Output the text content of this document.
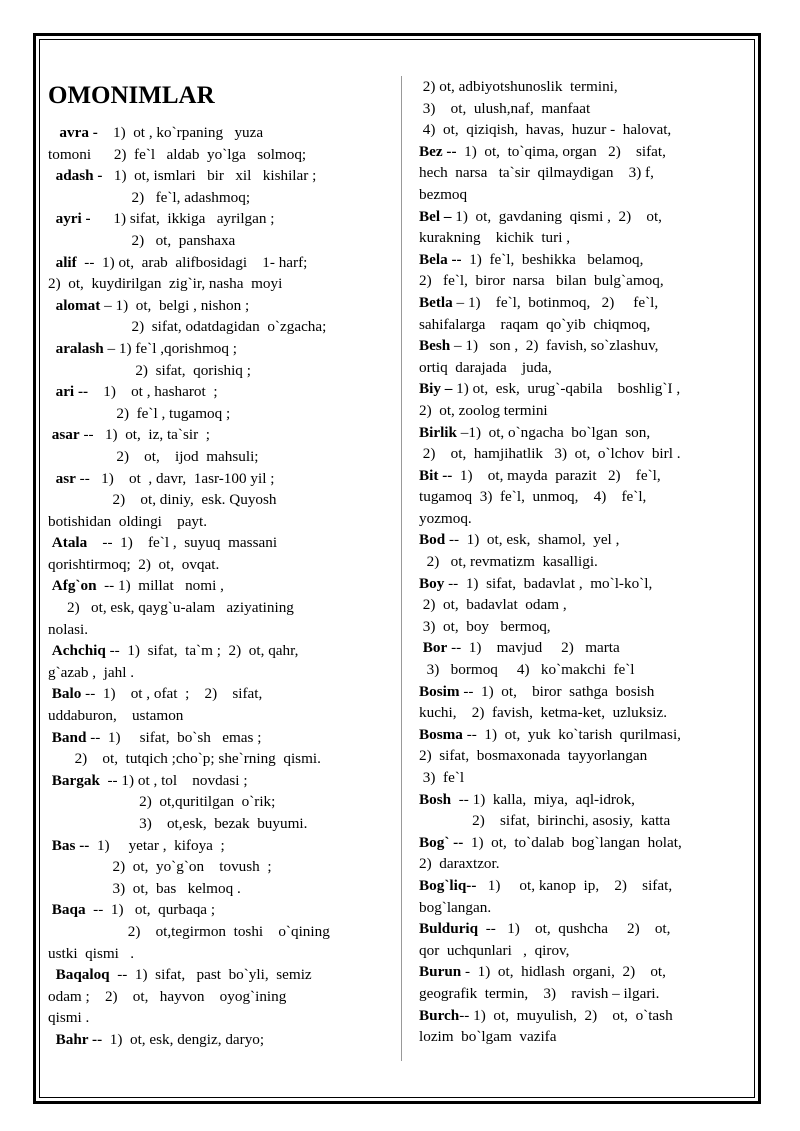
OMONIMLAR
avra -    1)  ot , ko`rpaning   yuza
tomoni      2)  fe`l   aldab  yo`lga   solmoq;
adash -   1)  ot, ismlari   bir   xil   kishilar ;
2)   fe`l, adashmoq;
ayri -      1) sifat,  ikkiga   ayrilgan ;
2)   ot,  panshaxa
alif  --  1) ot,  arab  alifbosidagi    1- harf;
2)  ot,  kuydirilgan  zig`ir, nasha  moyi
alomat – 1)  ot,  belgi , nishon ;
2)  sifat, odatdagidan  o`zgacha;
aralash – 1) fe`l ,qorishmoq ;
2)  sifat,  qorishiq ;
ari --    1)    ot , hasharot  ;
2)  fe`l , tugamoq ;
asar --   1)  ot,  iz, ta`sir  ;
2)    ot,    ijod  mahsuli;
asr --   1)    ot  , davr,  1asr-100 yil ;
2)    ot, diniy,  esk. Quyosh
botishidan  oldingi    payt.
Atala    --  1)    fe`l ,  suyuq  massani
qorishtirmoq;  2)  ot,  ovqat.
Afg`on  -- 1)  millat   nomi ,
2)   ot, esk, qayg`u-alam   aziyatining
nolasi.
Achchiq --  1)  sifat,  ta`m ;  2)  ot, qahr,
g`azab ,  jahl .
Balo --  1)    ot , ofat  ;    2)    sifat,
uddaburon,    ustamon
Band --  1)     sifat,  bo`sh   emas ;
2)    ot,  tutqich ;cho`p; she`rning  qismi.
Bargak  -- 1) ot , tol    novdasi ;
2)  ot,quritilgan  o`rik;
3)    ot,esk,  bezak  buyumi.
Bas --  1)     yetar ,  kifoya  ;
2)  ot,  yo`g`on    tovush  ;
3)  ot,  bas   kelmoq .
Baqa  --  1)   ot,  qurbaqa ;
2)    ot,tegirmon  toshi    o`qining
ustki  qismi   .
Baqaloq  --  1)  sifat,   past  bo`yli,  semiz
odam ;    2)    ot,   hayvon    oyog`ining
qismi .
Bahr --  1)  ot, esk, dengiz, daryo;
2) ot, adbiyotshunoslik  termini,
3)    ot,  ulush,naf,  manfaat
4)  ot,  qiziqish,  havas,  huzur -  halovat,
Bez --  1)  ot,  to`qima, organ   2)    sifat,
hech  narsa   ta`sir  qilmaydigan    3) f,
bezmoq
Bel – 1)  ot,  gavdaning  qismi ,  2)    ot,
kurakning    kichik  turi ,
Bela --  1)  fe`l,  beshikka   belamoq,
2)   fe`l,  biror  narsa   bilan  bulg`amoq,
Betla – 1)    fe`l,  botinmoq,   2)     fe`l,
sahifalarga    raqam  qo`yib  chiqmoq,
Besh – 1)   son ,  2)  favish, so`zlashuv,
ortiq  darajada    juda,
Biy – 1) ot,  esk,  urug`-qabila    boshlig`I ,
2)  ot, zoolog termini
Birlik –1)  ot, o`ngacha  bo`lgan  son,
2)    ot,  hamjihatlik   3)  ot,  o`lchov  birl .
Bit --  1)    ot, mayda  parazit   2)    fe`l,
tugamoq  3)  fe`l,  unmoq,    4)    fe`l,
yozmoq.
Bod --  1)  ot, esk,  shamol,  yel ,
2)   ot, revmatizm  kasalligi.
Boy --  1)  sifat,  badavlat ,  mo`l-ko`l,
2)  ot,  badavlat  odam ,
3)  ot,  boy   bermoq,
Bor --  1)    mavjud     2)   marta
3)   bormoq     4)   ko`makchi  fe`l
Bosim --  1)  ot,    biror  sathga  bosish
kuchi,    2)  favish,  ketma-ket,  uzluksiz.
Bosma --  1)  ot,  yuk  ko`tarish  qurilmasi,
2)  sifat,  bosmaxonada  tayyorlangan
3)  fe`l
Bosh  -- 1)  kalla,  miya,  aql-idrok,
2)    sifat,  birinchi, asosiy,  katta
Bog` --  1)  ot,  to`dalab  bog`langan  holat,
2)  daraxtzor.
Bog`liq--   1)     ot, kanop  ip,    2)    sifat,
bog`langan.
Bulduriq  --   1)    ot,  qushcha     2)    ot,
qor  uchqunlari   ,  qirov,
Burun -  1)  ot,  hidlash  organi,  2)    ot,
geografik  termin,    3)    ravish – ilgari.
Burch-- 1)  ot,  muyulish,  2)    ot,  o`tash
lozim  bo`lgam  vazifa
